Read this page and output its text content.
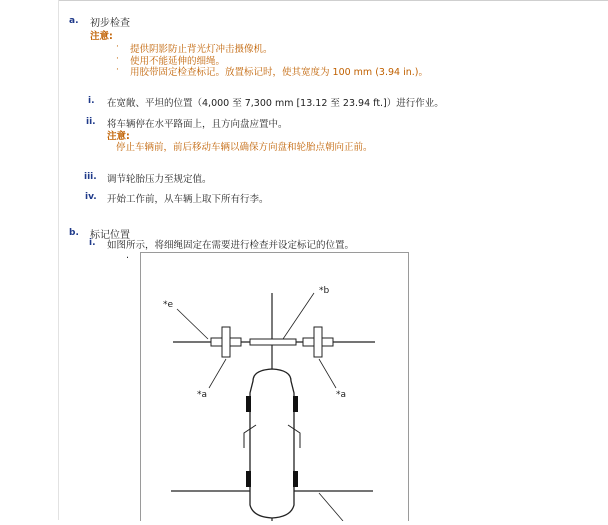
a. 初步检查
注意:
· 提供阴影防止背光灯冲击摄像机。
· 使用不能延伸的细绳。
· 用胶带固定检查标记。放置标记时，使其宽度为 100 mm (3.94 in.)。
i. 在宽敞、平坦的位置（4,000 至 7,300 mm [13.12 至 23.94 ft.]）进行作业。
ii. 将车辆停在水平路面上，且方向盘应置中。
注意:
停止车辆前，前后移动车辆以确保方向盘和轮胎点朝向正前。
iii. 调节轮胎压力至规定值。
iv. 开始工作前，从车辆上取下所有行李。
b. 标记位置
i. 如图所示，将细绳固定在需要进行检查并设定标记的位置。
.
*e
*b
*a	*a
